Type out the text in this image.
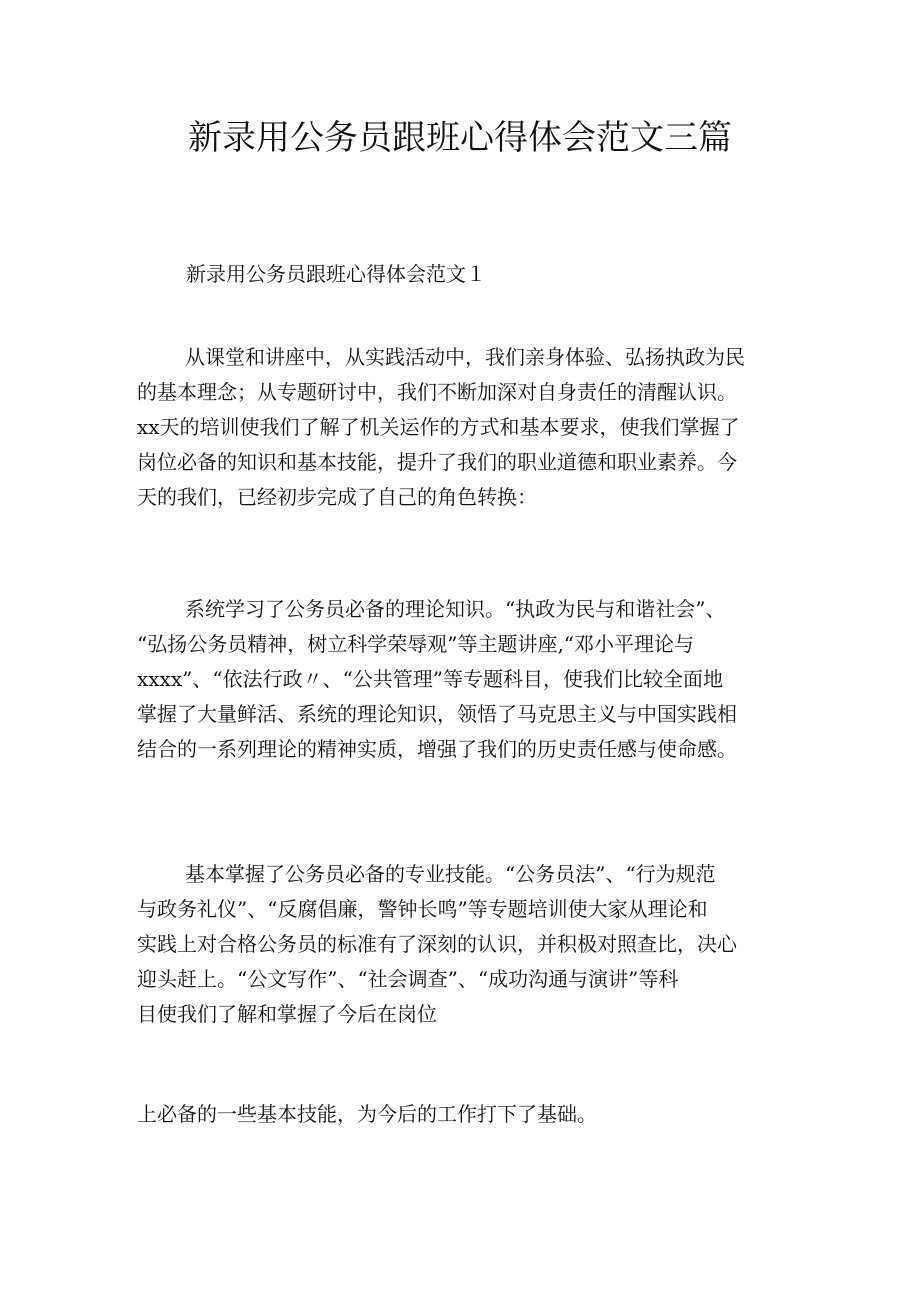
新录用公务员跟班心得体会范文三篇
新录用公务员跟班心得体会范文１
从课堂和讲座中，从实践活动中，我们亲身体验、弘扬执政为民
的基本理念；从专题研讨中，我们不断加深对自身责任的清醒认识。
xx天的培训使我们了解了机关运作的方式和基本要求，使我们掌握了
岗位必备的知识和基本技能，提升了我们的职业道德和职业素养。今
天的我们，已经初步完成了自己的角色转换：
系统学习了公务员必备的理论知识。“执政为民与和谐社会”、
“弘扬公务员精神，树立科学荣辱观”等主题讲座,“邓小平理论与
xxxx”、“依法行政〃、“公共管理”等专题科目，使我们比较全面地
掌握了大量鲜活、系统的理论知识，领悟了马克思主义与中国实践相
结合的一系列理论的精神实质，增强了我们的历史责任感与使命感。
基本掌握了公务员必备的专业技能。“公务员法”、“行为规范
与政务礼仪”、“反腐倡廉，警钟长鸣”等专题培训使大家从理论和
实践上对合格公务员的标准有了深刻的认识，并积极对照查比，决心
迎头赶上。“公文写作”、“社会调查”、“成功沟通与演讲”等科
目使我们了解和掌握了今后在岗位
上必备的一些基本技能，为今后的工作打下了基础。
